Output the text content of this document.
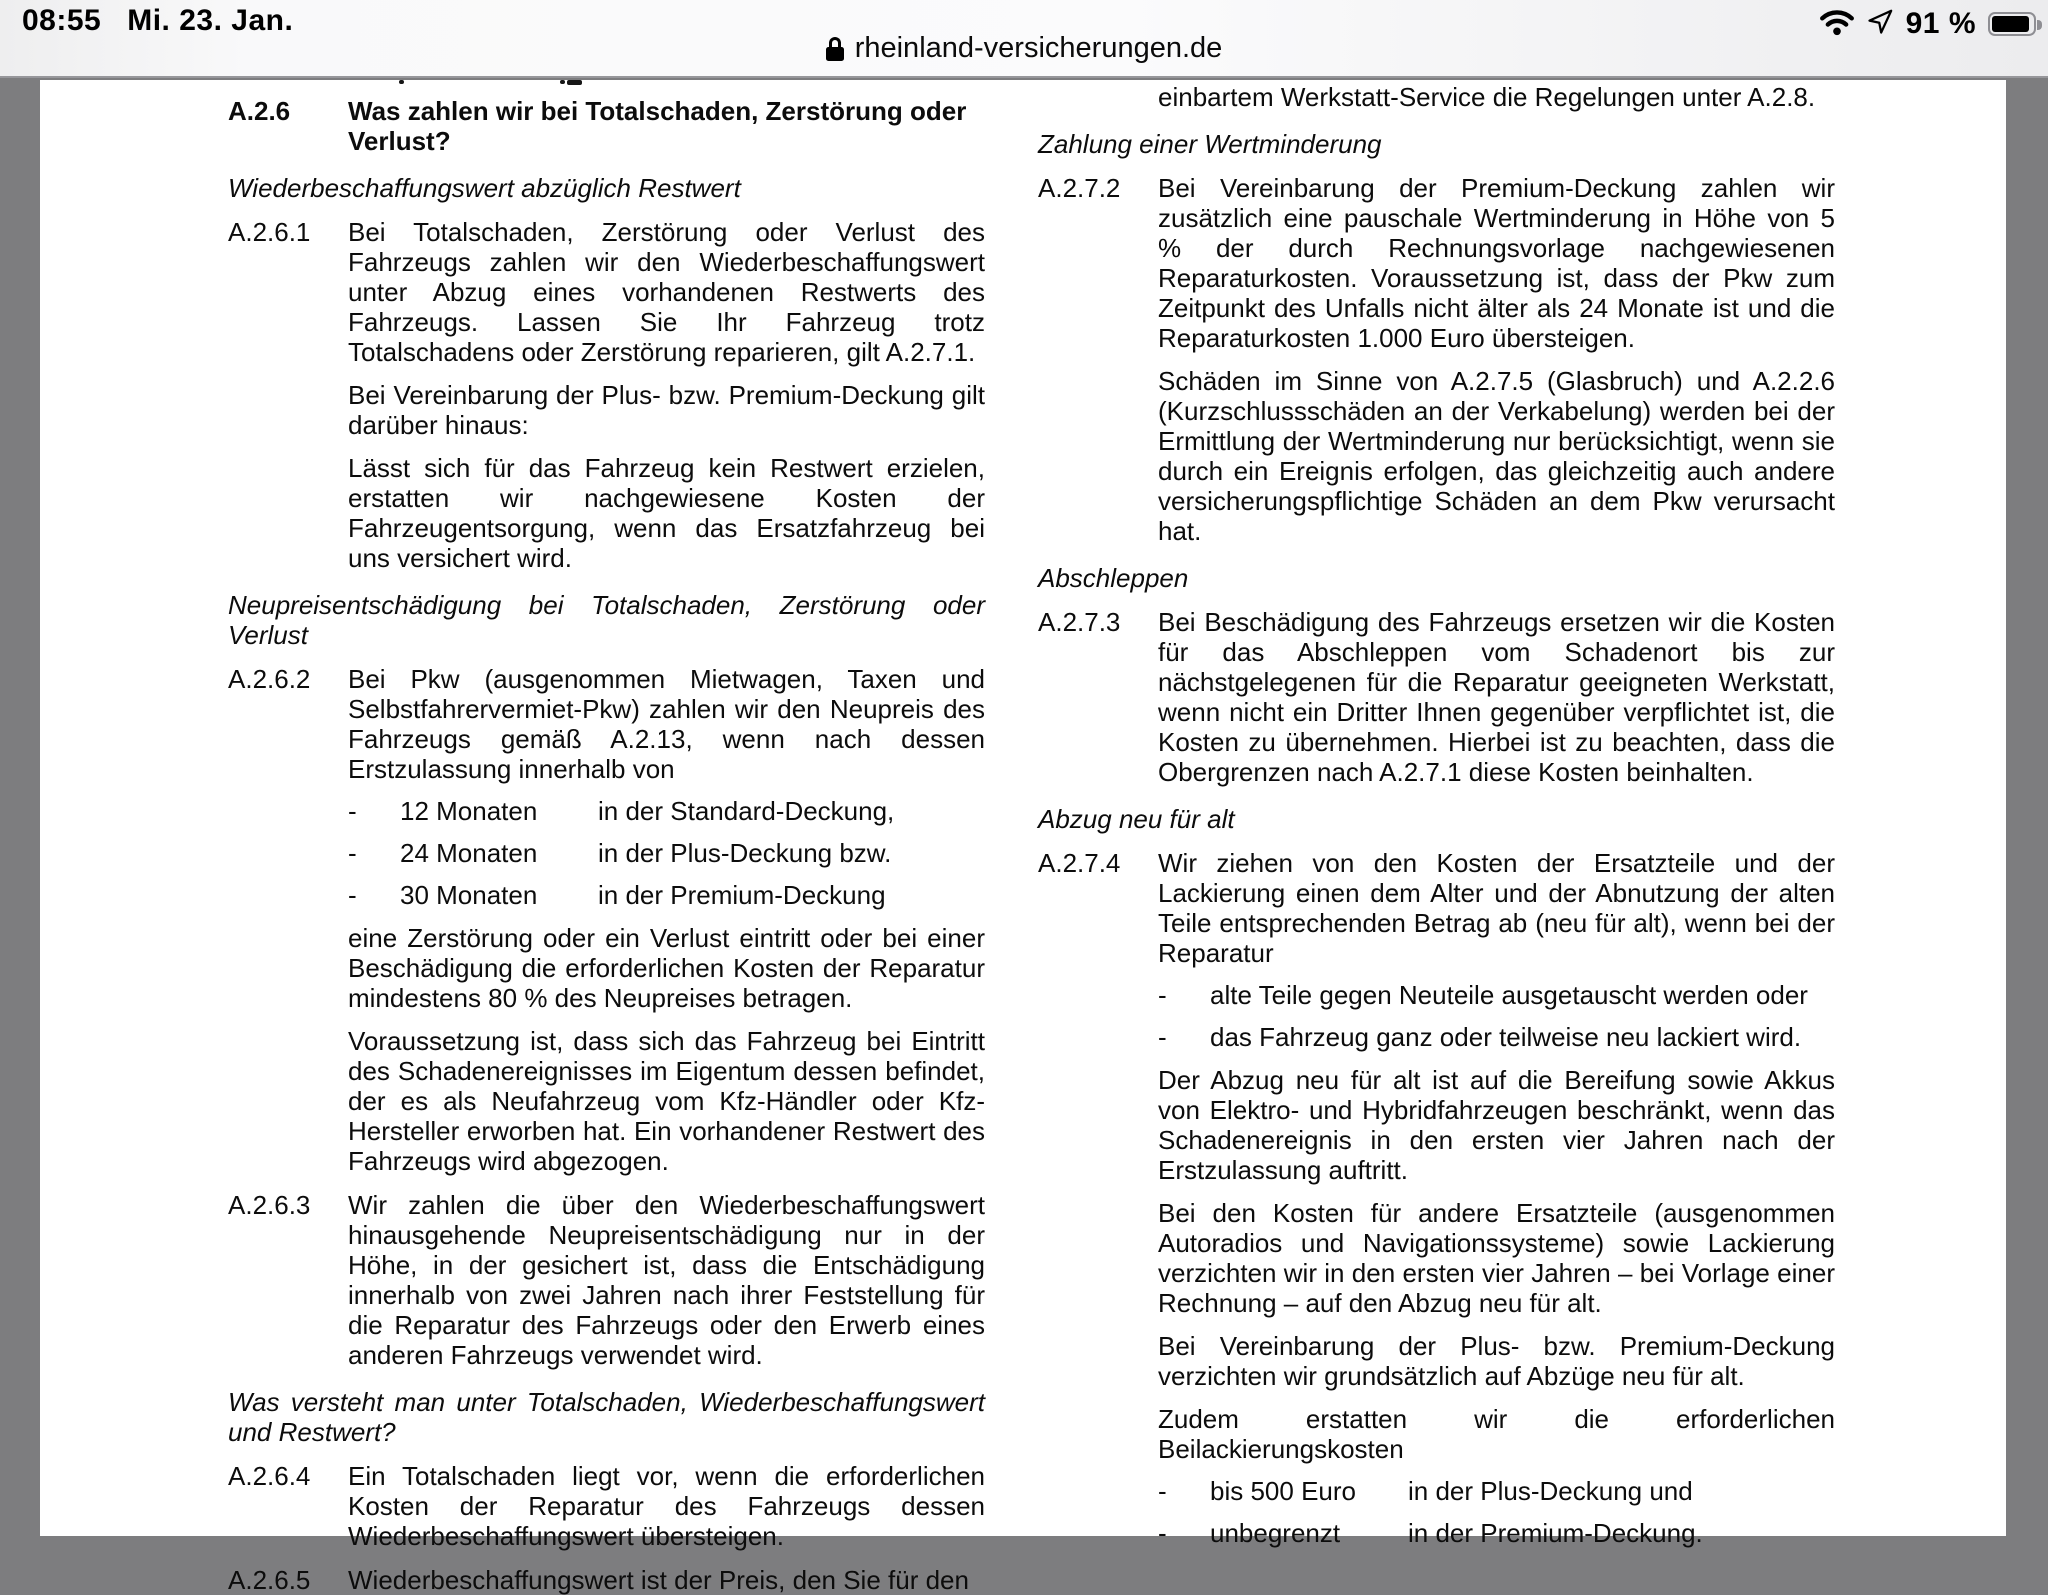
08:55 Mi. 23. Jan.
rheinland-versicherungen.de
91 %
A.2.6	Was zahlen wir bei Totalschaden, Zerstörung oder Verlust?
Wiederbeschaffungswert abzüglich Restwert
A.2.6.1	Bei Totalschaden, Zerstörung oder Verlust des Fahrzeugs zahlen wir den Wiederbeschaffungswert unter Abzug eines vorhandenen Restwerts des Fahrzeugs. Lassen Sie Ihr Fahrzeug trotz Totalschadens oder Zerstörung reparieren, gilt A.2.7.1.
Bei Vereinbarung der Plus- bzw. Premium-Deckung gilt darüber hinaus:
Lässt sich für das Fahrzeug kein Restwert erzielen, erstatten wir nachgewiesene Kosten der Fahrzeugentsorgung, wenn das Ersatzfahrzeug bei uns versichert wird.
Neupreisentschädigung bei Totalschaden, Zerstörung oder Verlust
A.2.6.2	Bei Pkw (ausgenommen Mietwagen, Taxen und Selbstfahrervermiet-Pkw) zahlen wir den Neupreis des Fahrzeugs gemäß A.2.13, wenn nach dessen Erstzulassung innerhalb von
-	12 Monaten	in der Standard-Deckung,
-	24 Monaten	in der Plus-Deckung bzw.
-	30 Monaten	in der Premium-Deckung
eine Zerstörung oder ein Verlust eintritt oder bei einer Beschädigung die erforderlichen Kosten der Reparatur mindestens 80 % des Neupreises betragen.
Voraussetzung ist, dass sich das Fahrzeug bei Eintritt des Schadenereignisses im Eigentum dessen befindet, der es als Neufahrzeug vom Kfz-Händler oder Kfz-Hersteller erworben hat. Ein vorhandener Restwert des Fahrzeugs wird abgezogen.
A.2.6.3	Wir zahlen die über den Wiederbeschaffungswert hinausgehende Neupreisentschädigung nur in der Höhe, in der gesichert ist, dass die Entschädigung innerhalb von zwei Jahren nach ihrer Feststellung für die Reparatur des Fahrzeugs oder den Erwerb eines anderen Fahrzeugs verwendet wird.
Was versteht man unter Totalschaden, Wiederbeschaffungswert und Restwert?
A.2.6.4	Ein Totalschaden liegt vor, wenn die erforderlichen Kosten der Reparatur des Fahrzeugs dessen Wiederbeschaffungswert übersteigen.
A.2.6.5	Wiederbeschaffungswert ist der Preis, den Sie für den
einbartem Werkstatt-Service die Regelungen unter A.2.8.
Zahlung einer Wertminderung
A.2.7.2	Bei Vereinbarung der Premium-Deckung zahlen wir zusätzlich eine pauschale Wertminderung in Höhe von 5 % der durch Rechnungsvorlage nachgewiesenen Reparaturkosten. Voraussetzung ist, dass der Pkw zum Zeitpunkt des Unfalls nicht älter als 24 Monate ist und die Reparaturkosten 1.000 Euro übersteigen.
Schäden im Sinne von A.2.7.5 (Glasbruch) und A.2.2.6 (Kurzschlussschäden an der Verkabelung) werden bei der Ermittlung der Wertminderung nur berücksichtigt, wenn sie durch ein Ereignis erfolgen, das gleichzeitig auch andere versicherungspflichtige Schäden an dem Pkw verursacht hat.
Abschleppen
A.2.7.3	Bei Beschädigung des Fahrzeugs ersetzen wir die Kosten für das Abschleppen vom Schadenort bis zur nächstgelegenen für die Reparatur geeigneten Werkstatt, wenn nicht ein Dritter Ihnen gegenüber verpflichtet ist, die Kosten zu übernehmen. Hierbei ist zu beachten, dass die Obergrenzen nach A.2.7.1 diese Kosten beinhalten.
Abzug neu für alt
A.2.7.4	Wir ziehen von den Kosten der Ersatzteile und der Lackierung einen dem Alter und der Abnutzung der alten Teile entsprechenden Betrag ab (neu für alt), wenn bei der Reparatur
-	alte Teile gegen Neuteile ausgetauscht werden oder
-	das Fahrzeug ganz oder teilweise neu lackiert wird.
Der Abzug neu für alt ist auf die Bereifung sowie Akkus von Elektro- und Hybridfahrzeugen beschränkt, wenn das Schadenereignis in den ersten vier Jahren nach der Erstzulassung auftritt.
Bei den Kosten für andere Ersatzteile (ausgenommen Autoradios und Navigationssysteme) sowie Lackierung verzichten wir in den ersten vier Jahren – bei Vorlage einer Rechnung – auf den Abzug neu für alt.
Bei Vereinbarung der Plus- bzw. Premium-Deckung verzichten wir grundsätzlich auf Abzüge neu für alt.
Zudem erstatten wir die erforderlichen Beilackierungskosten
-	bis 500 Euro	in der Plus-Deckung und
-	unbegrenzt	in der Premium-Deckung.
